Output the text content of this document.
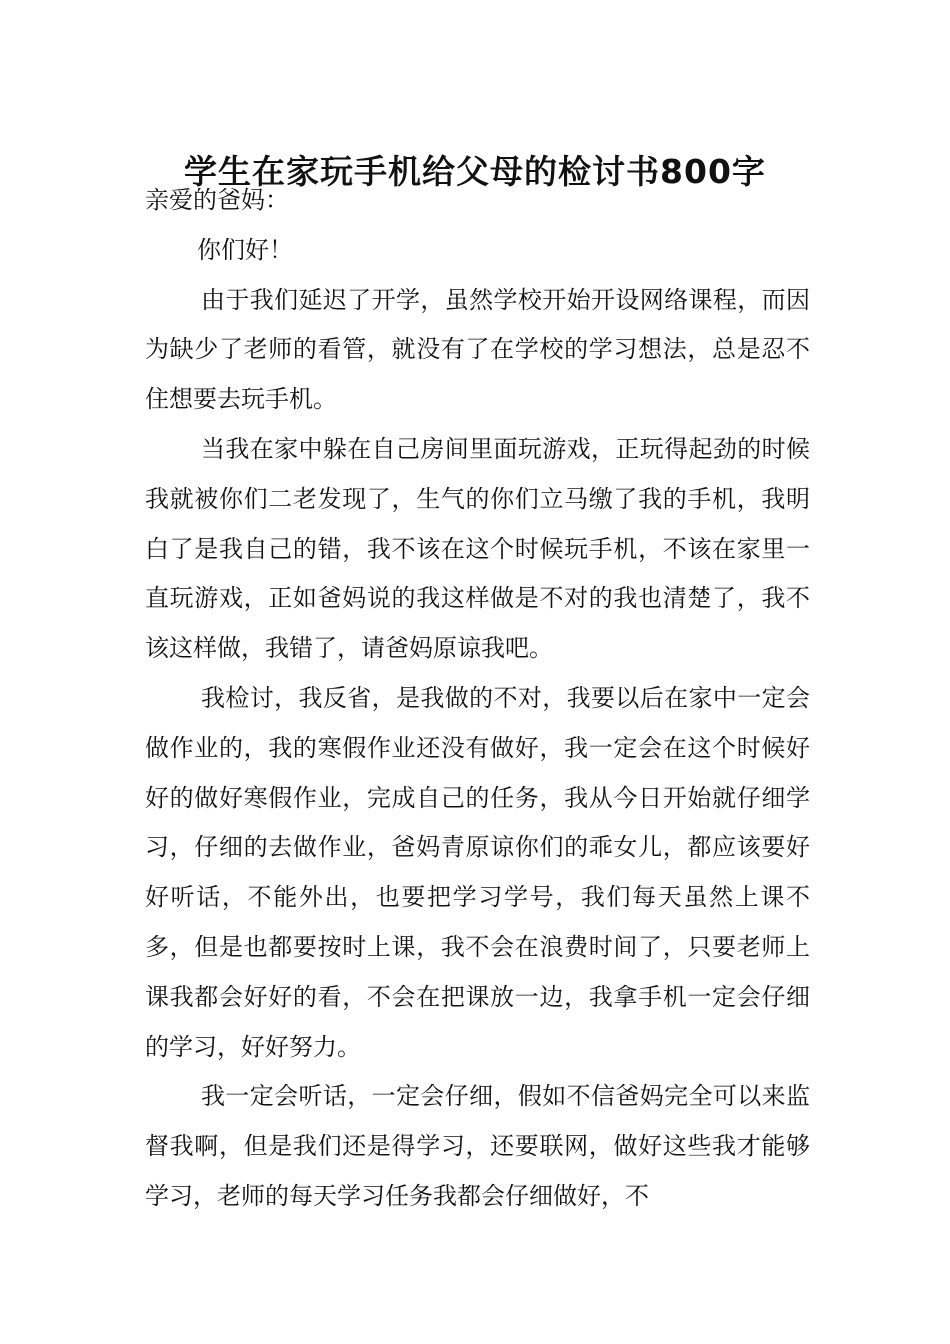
学生在家玩手机给父母的检讨书800字

亲爱的爸妈：

你们好！

由于我们延迟了开学，虽然学校开始开设网络课程，而因为缺少了老师的看管，就没有了在学校的学习想法，总是忍不住想要去玩手机。

当我在家中躲在自己房间里面玩游戏，正玩得起劲的时候我就被你们二老发现了，生气的你们立马缴了我的手机，我明白了是我自己的错，我不该在这个时候玩手机，不该在家里一直玩游戏，正如爸妈说的我这样做是不对的我也清楚了，我不该这样做，我错了，请爸妈原谅我吧。

我检讨，我反省，是我做的不对，我要以后在家中一定会做作业的，我的寒假作业还没有做好，我一定会在这个时候好好的做好寒假作业，完成自己的任务，我从今日开始就仔细学习，仔细的去做作业，爸妈青原谅你们的乖女儿，都应该要好好听话，不能外出，也要把学习学号，我们每天虽然上课不多，但是也都要按时上课，我不会在浪费时间了，只要老师上课我都会好好的看，不会在把课放一边，我拿手机一定会仔细的学习，好好努力。

我一定会听话，一定会仔细，假如不信爸妈完全可以来监督我啊，但是我们还是得学习，还要联网，做好这些我才能够学习，老师的每天学习任务我都会仔细做好，不
